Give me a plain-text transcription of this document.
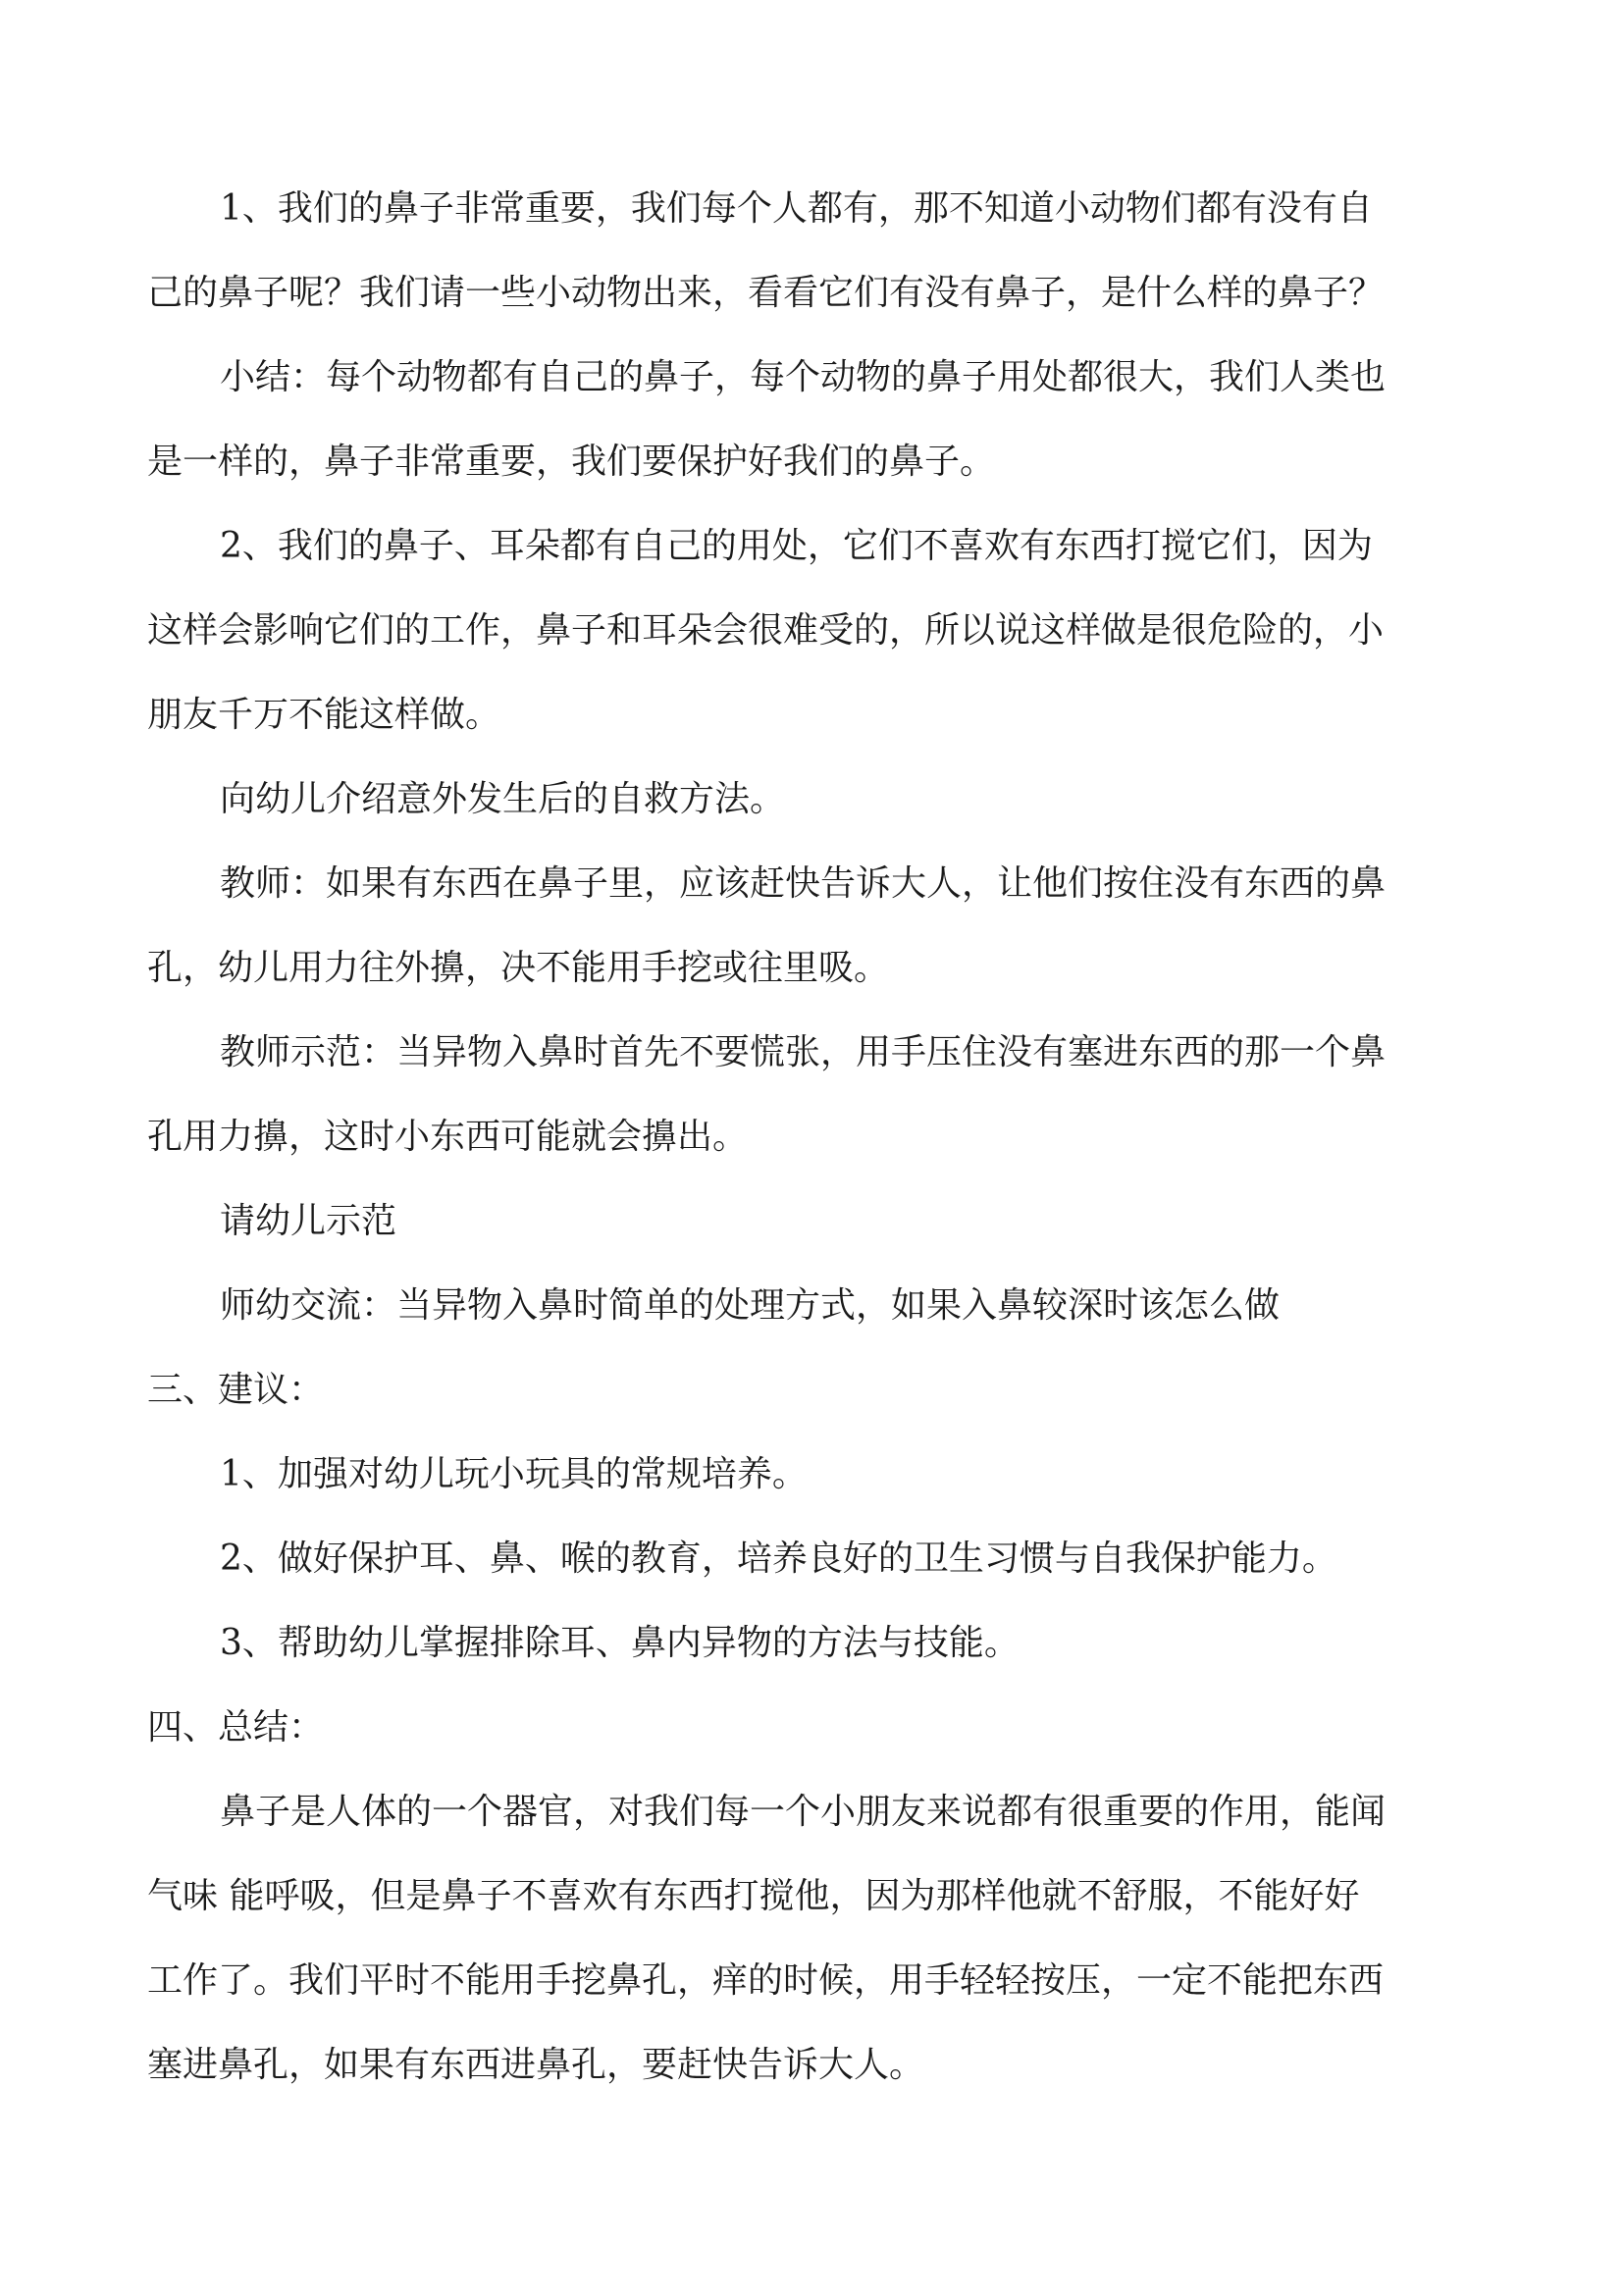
1、我们的鼻子非常重要，我们每个人都有，那不知道小动物们都有没有自
己的鼻子呢？我们请一些小动物出来，看看它们有没有鼻子，是什么样的鼻子？
小结：每个动物都有自己的鼻子，每个动物的鼻子用处都很大，我们人类也
是一样的，鼻子非常重要，我们要保护好我们的鼻子。
2、我们的鼻子、耳朵都有自己的用处，它们不喜欢有东西打搅它们，因为
这样会影响它们的工作，鼻子和耳朵会很难受的，所以说这样做是很危险的，小
朋友千万不能这样做。
向幼儿介绍意外发生后的自救方法。
教师：如果有东西在鼻子里，应该赶快告诉大人，让他们按住没有东西的鼻
孔，幼儿用力往外擤，决不能用手挖或往里吸。
教师示范：当异物入鼻时首先不要慌张，用手压住没有塞进东西的那一个鼻
孔用力擤，这时小东西可能就会擤出。
请幼儿示范
师幼交流：当异物入鼻时简单的处理方式，如果入鼻较深时该怎么做
三、建议：
1、加强对幼儿玩小玩具的常规培养。
2、做好保护耳、鼻、喉的教育，培养良好的卫生习惯与自我保护能力。
3、帮助幼儿掌握排除耳、鼻内异物的方法与技能。
四、总结：
鼻子是人体的一个器官，对我们每一个小朋友来说都有很重要的作用，能闻
气味 能呼吸，但是鼻子不喜欢有东西打搅他，因为那样他就不舒服，不能好好
工作了。我们平时不能用手挖鼻孔，痒的时候，用手轻轻按压，一定不能把东西
塞进鼻孔，如果有东西进鼻孔，要赶快告诉大人。
